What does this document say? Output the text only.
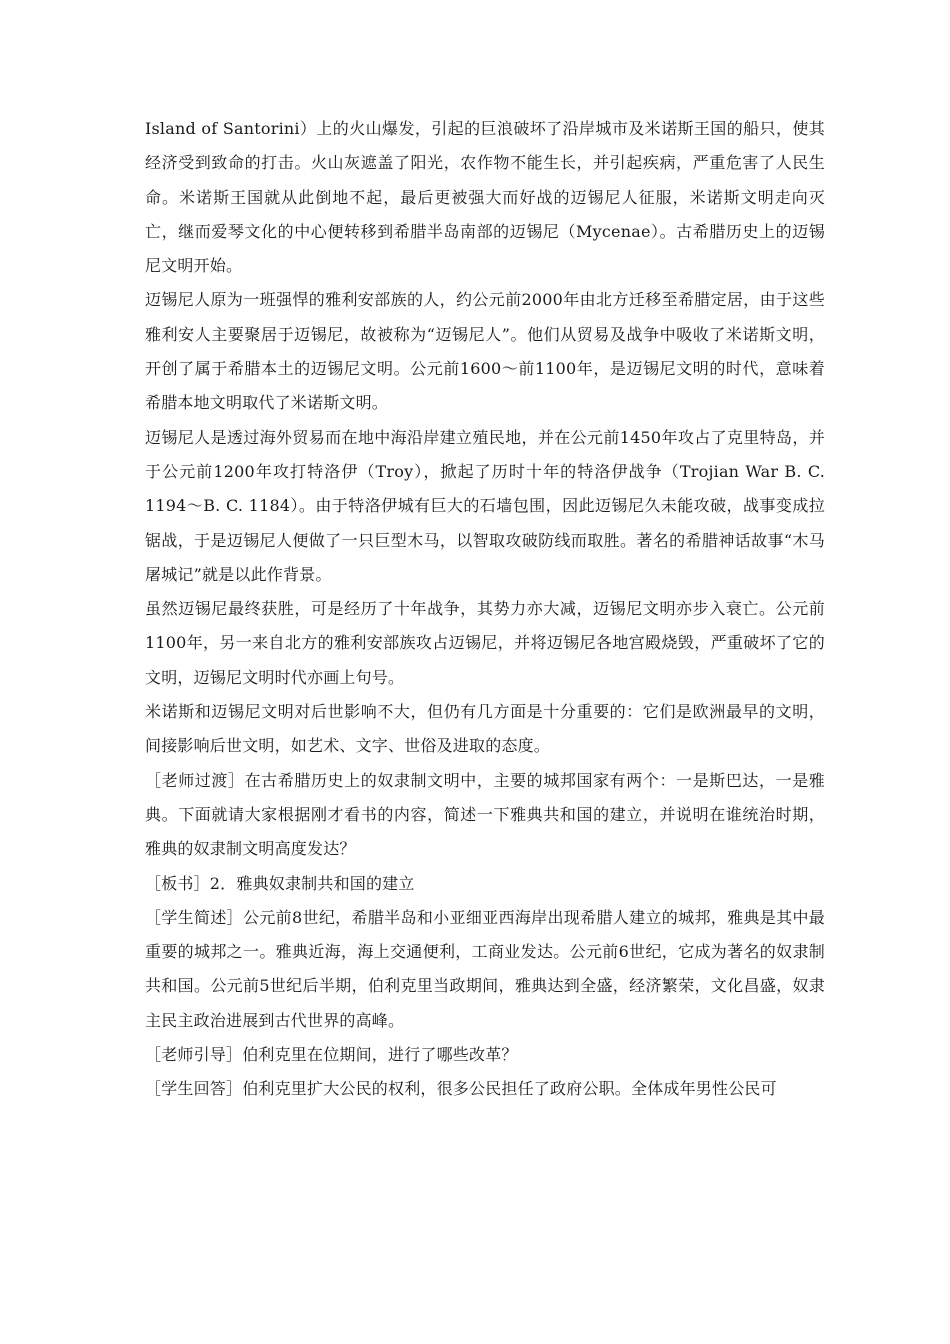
Island of Santorini）上的火山爆发，引起的巨浪破坏了沿岸城市及米诺斯王国的船只，使其经济受到致命的打击。火山灰遮盖了阳光，农作物不能生长，并引起疾病，严重危害了人民生命。米诺斯王国就从此倒地不起，最后更被强大而好战的迈锡尼人征服，米诺斯文明走向灭亡，继而爱琴文化的中心便转移到希腊半岛南部的迈锡尼（Mycenae）。古希腊历史上的迈锡尼文明开始。

迈锡尼人原为一班强悍的雅利安部族的人，约公元前2000年由北方迁移至希腊定居，由于这些雅利安人主要聚居于迈锡尼，故被称为“迈锡尼人”。他们从贸易及战争中吸收了米诺斯文明，开创了属于希腊本土的迈锡尼文明。公元前1600～前1100年，是迈锡尼文明的时代，意味着希腊本地文明取代了米诺斯文明。

迈锡尼人是透过海外贸易而在地中海沿岸建立殖民地，并在公元前1450年攻占了克里特岛，并于公元前1200年攻打特洛伊（Troy），掀起了历时十年的特洛伊战争（Trojian War B. C. 1194～B. C. 1184）。由于特洛伊城有巨大的石墙包围，因此迈锡尼久未能攻破，战事变成拉锯战，于是迈锡尼人便做了一只巨型木马，以智取攻破防线而取胜。著名的希腊神话故事“木马屠城记”就是以此作背景。

虽然迈锡尼最终获胜，可是经历了十年战争，其势力亦大减，迈锡尼文明亦步入衰亡。公元前1100年，另一来自北方的雅利安部族攻占迈锡尼，并将迈锡尼各地宫殿烧毁，严重破坏了它的文明，迈锡尼文明时代亦画上句号。

米诺斯和迈锡尼文明对后世影响不大，但仍有几方面是十分重要的：它们是欧洲最早的文明，间接影响后世文明，如艺术、文字、世俗及进取的态度。

［老师过渡］在古希腊历史上的奴隶制文明中，主要的城邦国家有两个：一是斯巴达，一是雅典。下面就请大家根据刚才看书的内容，简述一下雅典共和国的建立，并说明在谁统治时期，雅典的奴隶制文明高度发达？

［板书］2．雅典奴隶制共和国的建立

［学生简述］公元前8世纪，希腊半岛和小亚细亚西海岸出现希腊人建立的城邦，雅典是其中最重要的城邦之一。雅典近海，海上交通便利，工商业发达。公元前6世纪，它成为著名的奴隶制共和国。公元前5世纪后半期，伯利克里当政期间，雅典达到全盛，经济繁荣，文化昌盛，奴隶主民主政治进展到古代世界的高峰。

［老师引导］伯利克里在位期间，进行了哪些改革？

［学生回答］伯利克里扩大公民的权利，很多公民担任了政府公职。全体成年男性公民可
